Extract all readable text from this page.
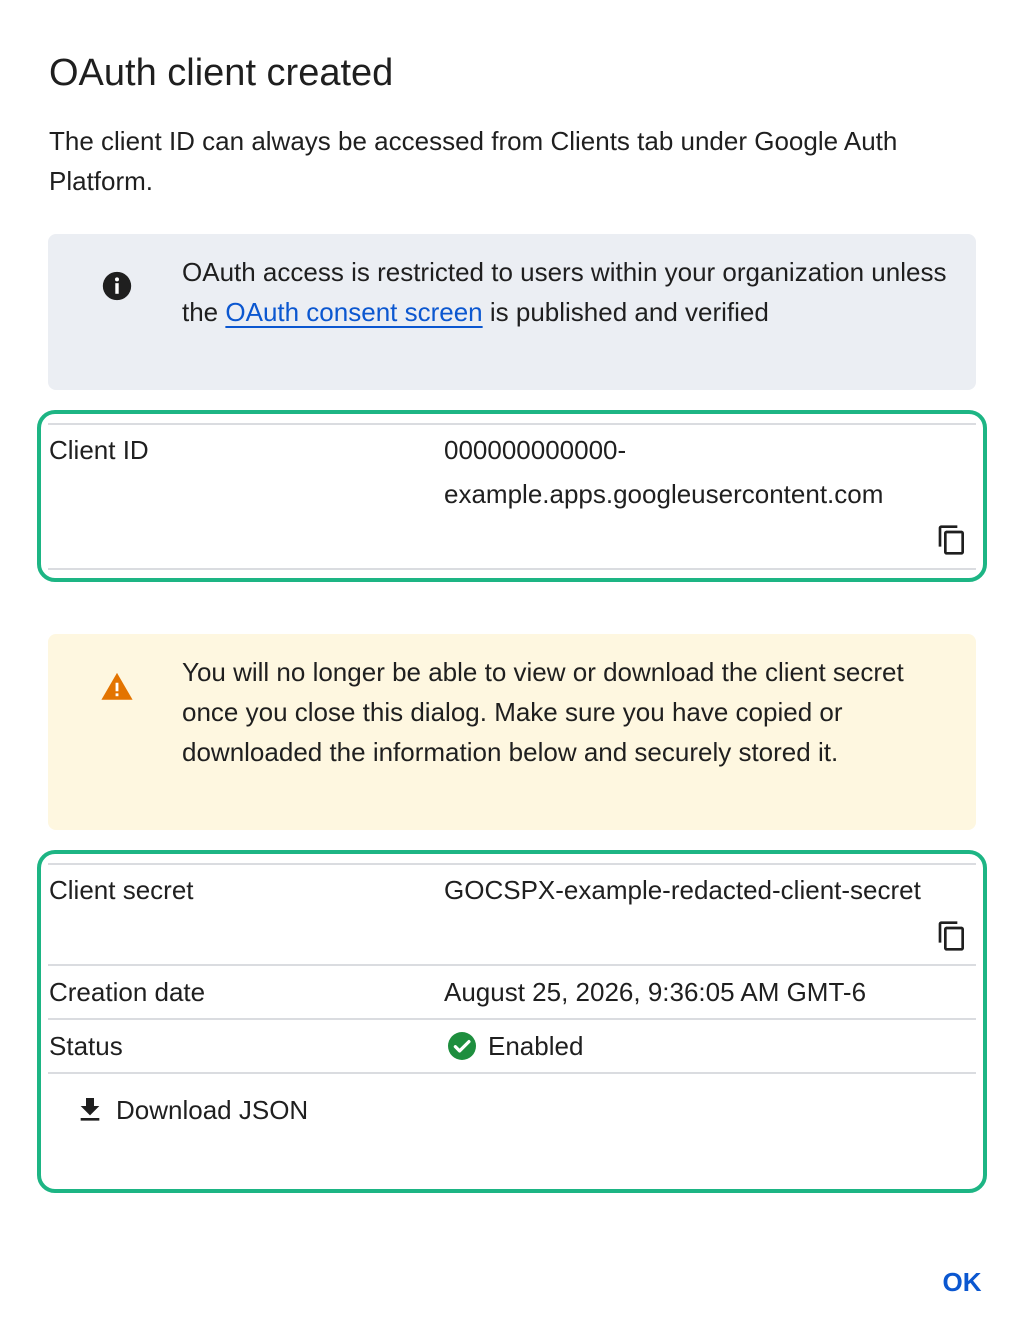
OAuth client created

The client ID can always be accessed from Clients tab under Google Auth Platform.

OAuth access is restricted to users within your organization unless the OAuth consent screen is published and verified

Client ID	000000000000-
example.apps.googleusercontent.com

You will no longer be able to view or download the client secret once you close this dialog. Make sure you have copied or downloaded the information below and securely stored it.

Client secret	GOCSPX-example-redacted-client-secret

Creation date	August 25, 2026, 9:36:05 AM GMT-6

Status	Enabled
Download JSON
OK
